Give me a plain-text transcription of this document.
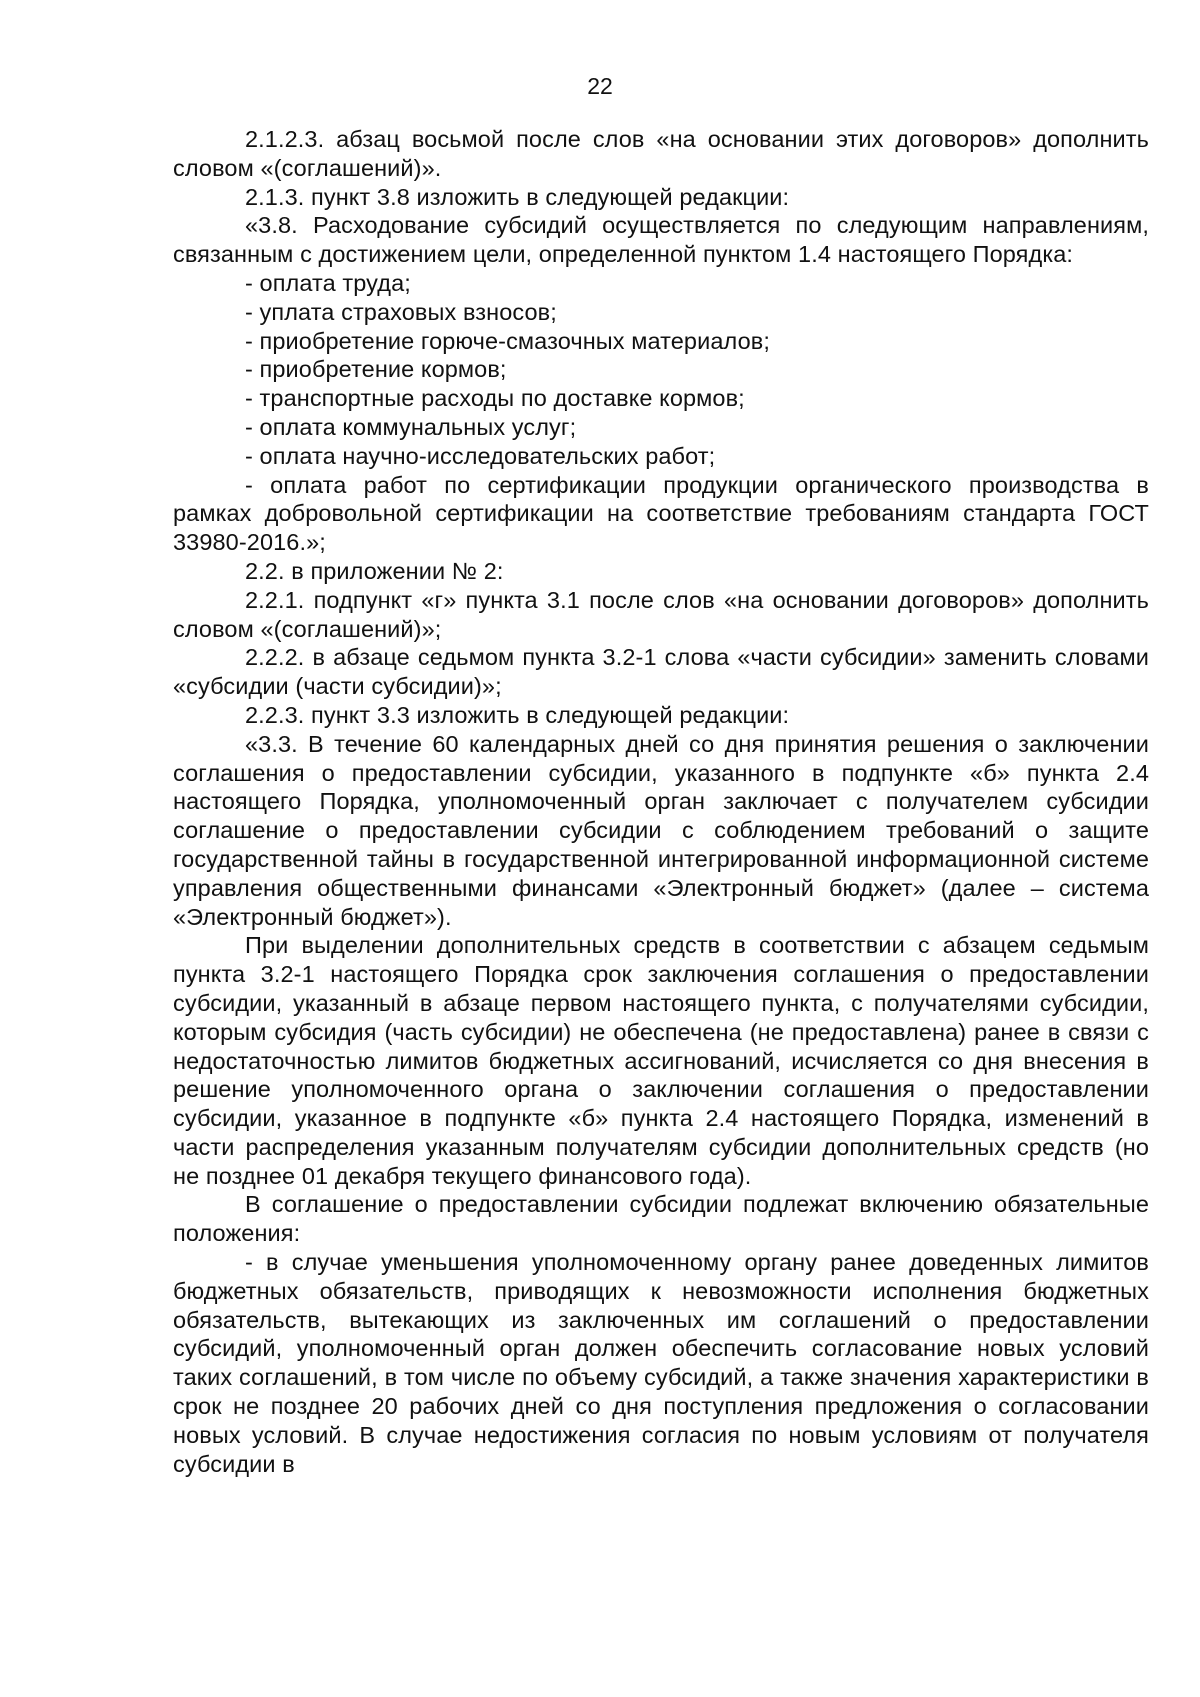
22

2.1.2.3. абзац восьмой после слов «на основании этих договоров» дополнить словом «(соглашений)».

2.1.3. пункт 3.8 изложить в следующей редакции:

«3.8. Расходование субсидий осуществляется по следующим направлениям, связанным с достижением цели, определенной пунктом 1.4 настоящего Порядка:

- оплата труда;

- уплата страховых взносов;

- приобретение горюче-смазочных материалов;

- приобретение кормов;

- транспортные расходы по доставке кормов;

- оплата коммунальных услуг;

- оплата научно-исследовательских работ;

- оплата работ по сертификации продукции органического производства в рамках добровольной сертификации на соответствие требованиям стандарта ГОСТ 33980-2016.»;

2.2. в приложении № 2:

2.2.1. подпункт «г» пункта 3.1 после слов «на основании договоров» дополнить словом «(соглашений)»;

2.2.2. в абзаце седьмом пункта 3.2-1 слова «части субсидии» заменить словами «субсидии (части субсидии)»;

2.2.3. пункт 3.3 изложить в следующей редакции:

«3.3. В течение 60 календарных дней со дня принятия решения о заключении соглашения о предоставлении субсидии, указанного в подпункте «б» пункта 2.4 настоящего Порядка, уполномоченный орган заключает с получателем субсидии соглашение о предоставлении субсидии с соблюдением требований о защите государственной тайны в государственной интегрированной информационной системе управления общественными финансами «Электронный бюджет» (далее – система «Электронный бюджет»).

При выделении дополнительных средств в соответствии с абзацем седьмым пункта 3.2-1 настоящего Порядка срок заключения соглашения о предоставлении субсидии, указанный в абзаце первом настоящего пункта, с получателями субсидии, которым субсидия (часть субсидии) не обеспечена (не предоставлена) ранее в связи с недостаточностью лимитов бюджетных ассигнований, исчисляется со дня внесения в решение уполномоченного органа о заключении соглашения о предоставлении субсидии, указанное в подпункте «б» пункта 2.4 настоящего Порядка, изменений в части распределения указанным получателям субсидии дополнительных средств (но не позднее 01 декабря текущего финансового года).

В соглашение о предоставлении субсидии подлежат включению обязательные положения:

- в случае уменьшения уполномоченному органу ранее доведенных лимитов бюджетных обязательств, приводящих к невозможности исполнения бюджетных обязательств, вытекающих из заключенных им соглашений о предоставлении субсидий, уполномоченный орган должен обеспечить согласование новых условий таких соглашений, в том числе по объему субсидий, а также значения характеристики в срок не позднее 20 рабочих дней со дня поступления предложения о согласовании новых условий. В случае недостижения согласия по новым условиям от получателя субсидии в
